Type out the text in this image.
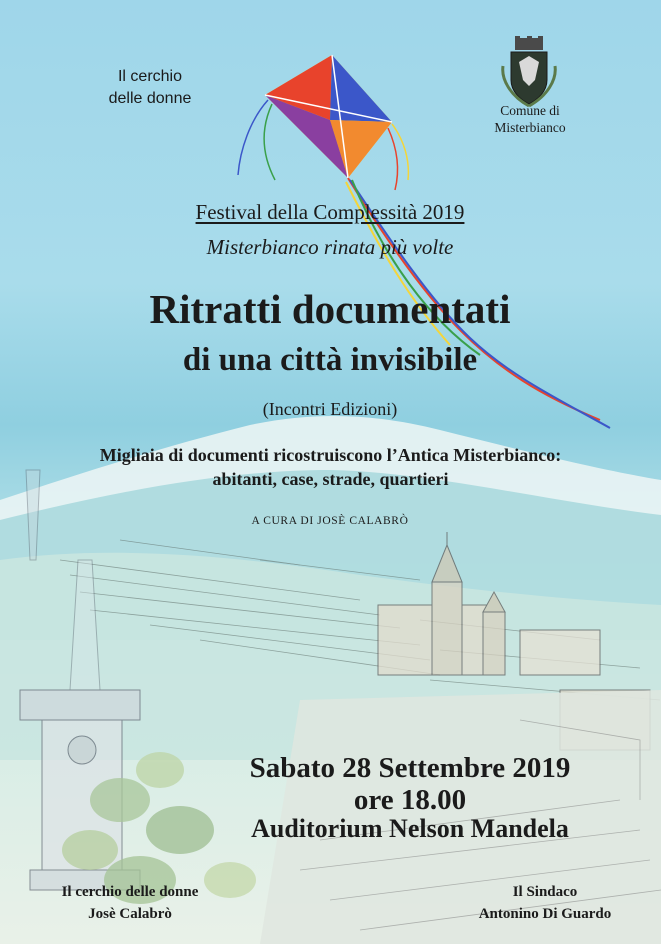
Il cerchio
delle donne
Comune di
Misterbianco
Festival della Complessità 2019
Misterbianco rinata più volte
Ritratti documentati
di una città invisibile
(Incontri Edizioni)
Migliaia di documenti ricostruiscono l’Antica Misterbianco:
abitanti, case, strade, quartieri
A CURA DI JOSÈ CALABRÒ
Sabato 28 Settembre 2019
ore 18.00
Auditorium Nelson Mandela
Il cerchio delle donne
Josè Calabrò
Il Sindaco
Antonino Di Guardo
